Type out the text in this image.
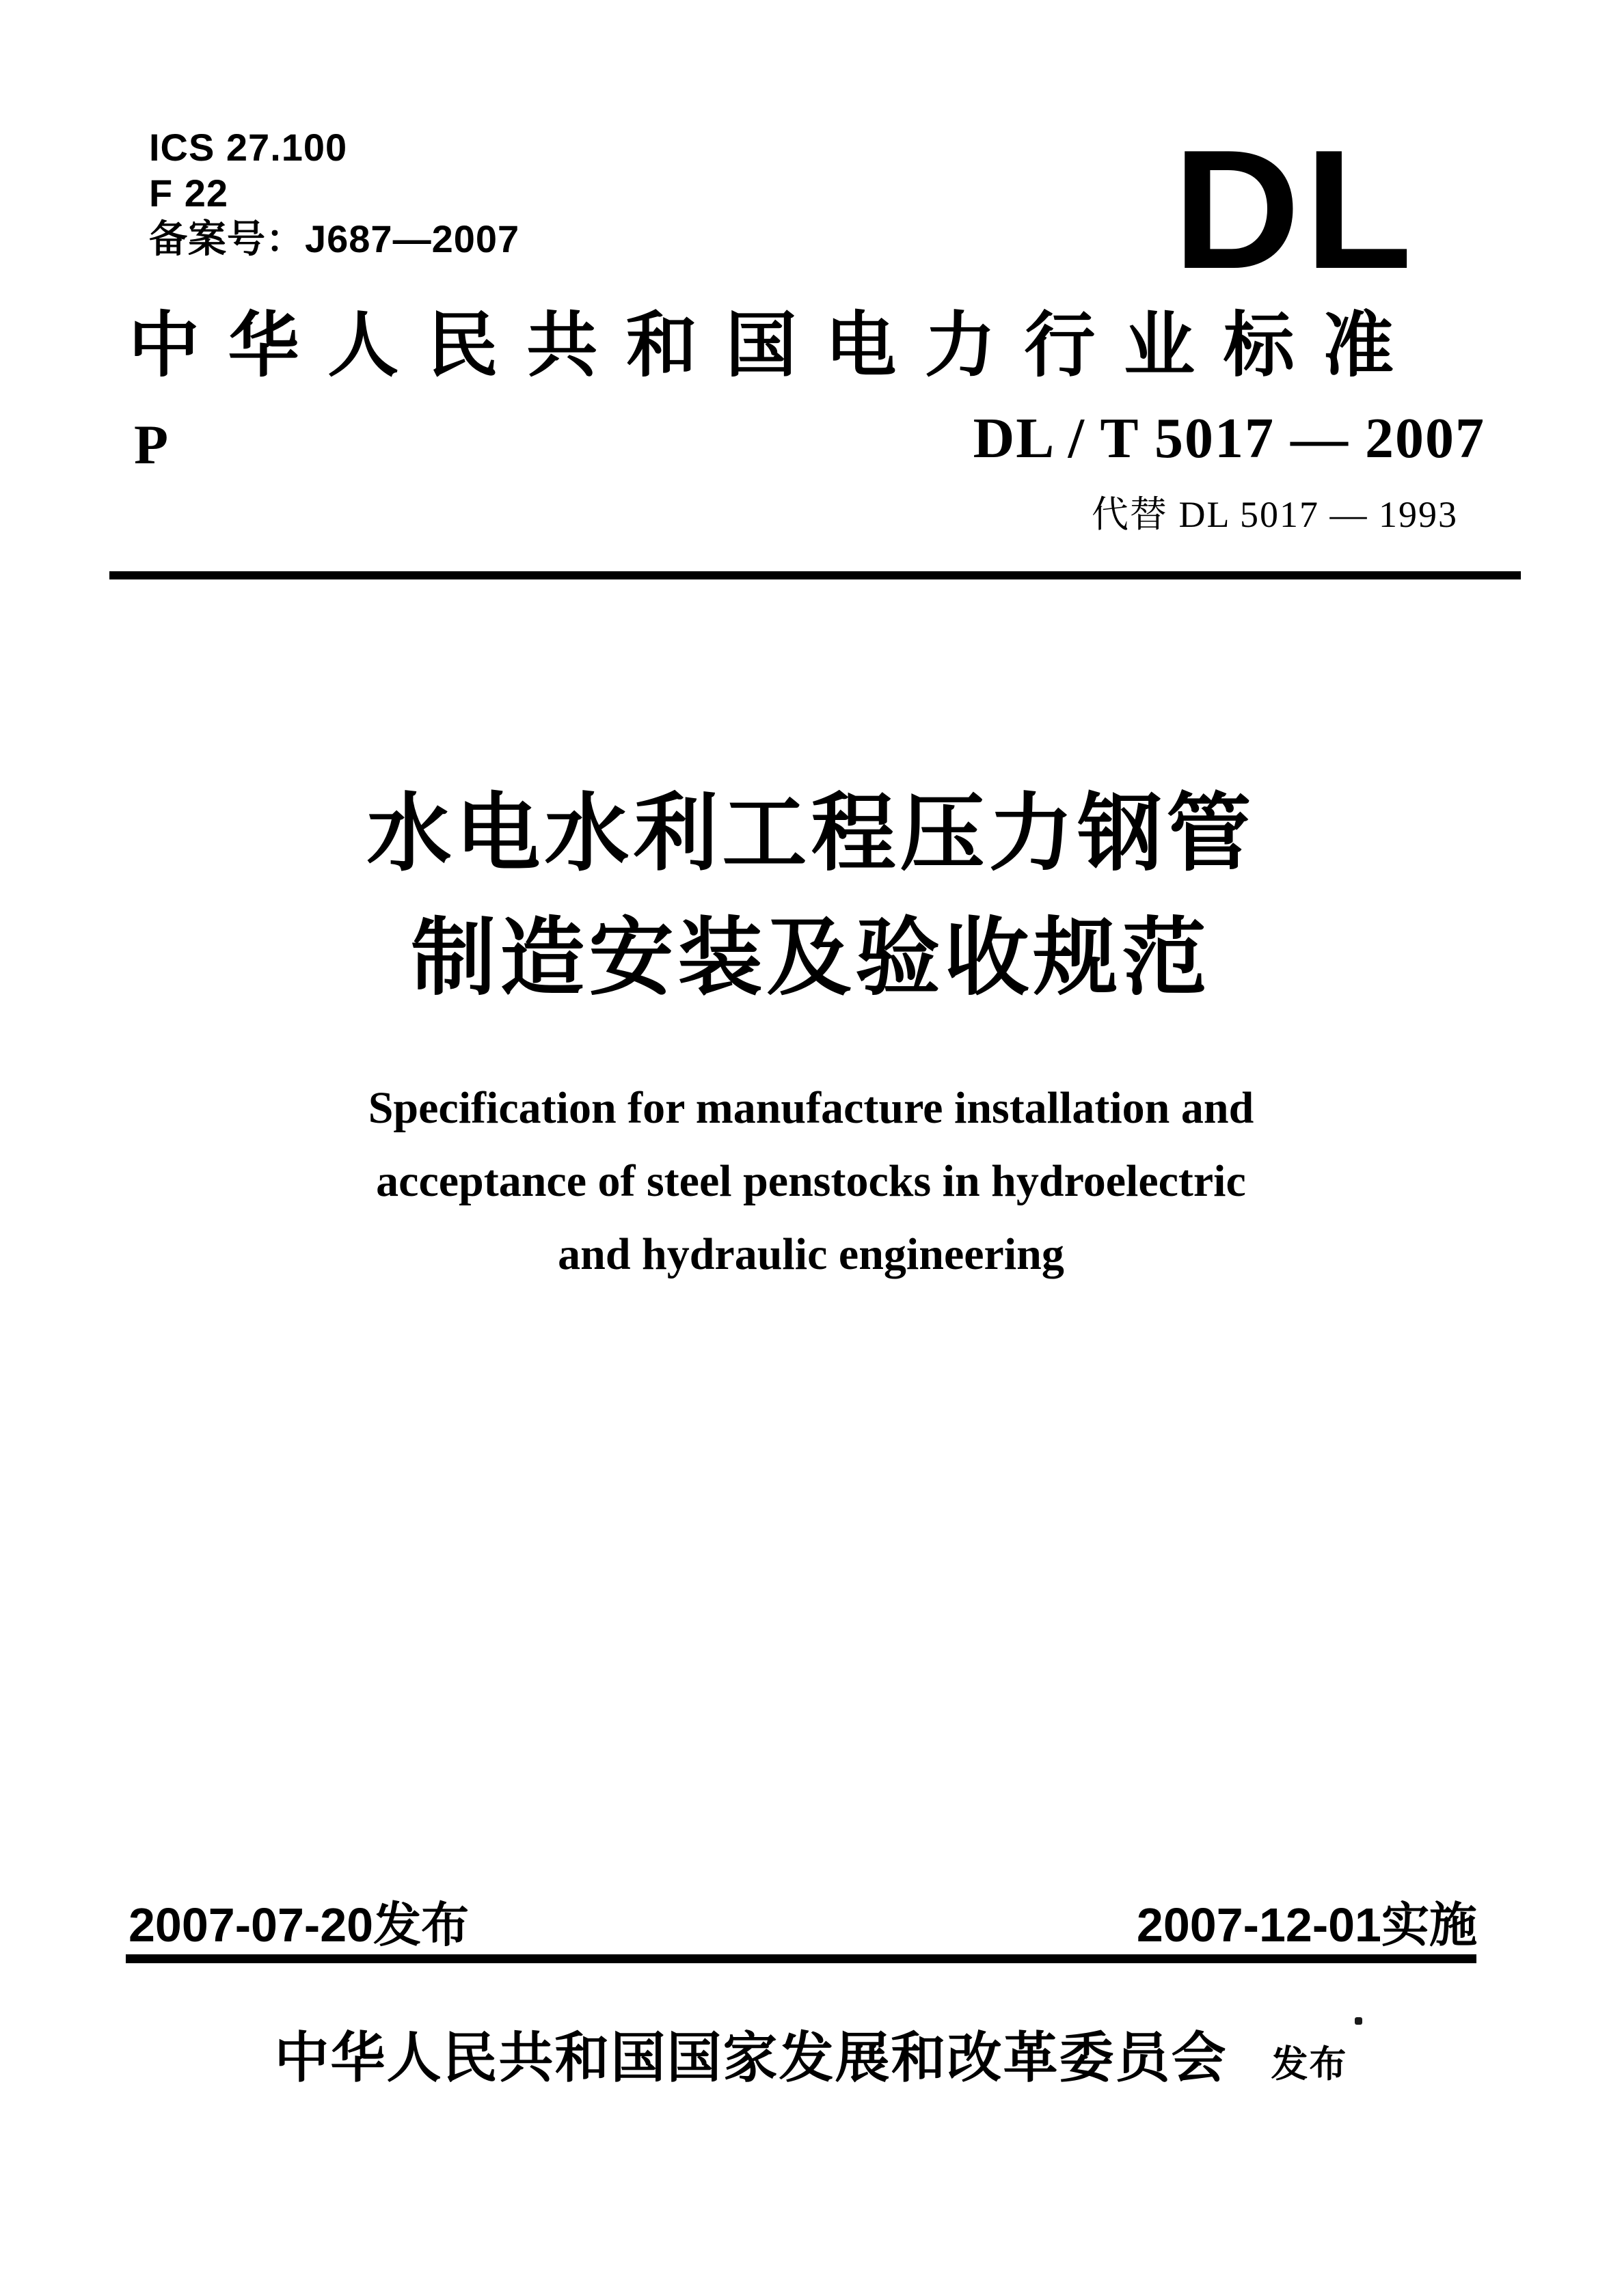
ICS 27.100
F 22
备案号：J687—2007	DL
中华人民共和国电力行业标准
P	DL / T 5017 — 2007
代替 DL 5017 — 1993
水电水利工程压力钢管
制造安装及验收规范
Specification for manufacture installation and
acceptance of steel penstocks in hydroelectric
and hydraulic engineering
2007-07-20发布	2007-12-01实施
中华人民共和国国家发展和改革委员会 发布
